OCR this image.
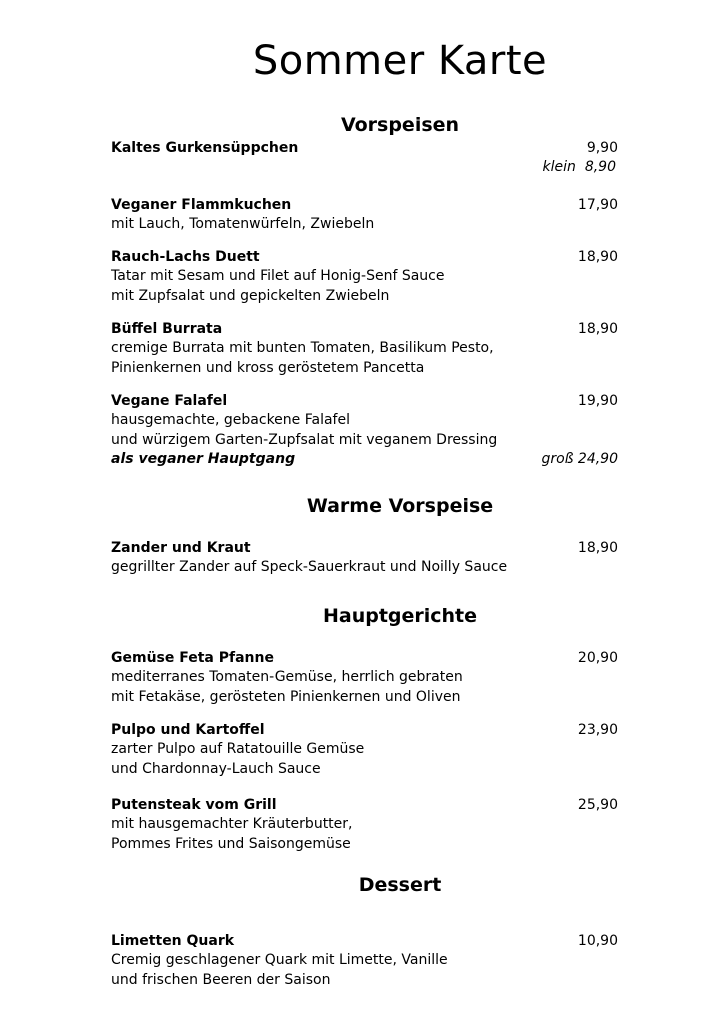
Sommer Karte
Vorspeisen
Kaltes Gurkensüppchen	9,90
klein 8,90
Veganer Flammkuchen
mit Lauch, Tomatenwürfeln, Zwiebeln
17,90
Rauch-Lachs Duett
Tatar mit Sesam und Filet auf Honig-Senf Sauce
mit Zupfsalat und gepickelten Zwiebeln
18,90
Büffel Burrata
cremige Burrata mit bunten Tomaten, Basilikum Pesto,
Pinienkernen und kross geröstetem Pancetta
18,90
Vegane Falafel
hausgemachte, gebackene Falafel
und würzigem Garten-Zupfsalat mit veganem Dressing
als veganer Hauptgang
19,90
groß 24,90
Warme Vorspeise
Zander und Kraut
gegrillter Zander auf Speck-Sauerkraut und Noilly Sauce
18,90
Hauptgerichte
Gemüse Feta Pfanne
mediterranes Tomaten-Gemüse, herrlich gebraten
mit Fetakäse, gerösteten Pinienkernen und Oliven
20,90
Pulpo und Kartoffel
zarter Pulpo auf Ratatouille Gemüse
und Chardonnay-Lauch Sauce
23,90
Putensteak vom Grill
mit hausgemachter Kräuterbutter,
Pommes Frites und Saisongemüse
25,90
Dessert
Limetten Quark
Cremig geschlagener Quark mit Limette, Vanille
und frischen Beeren der Saison
10,90
